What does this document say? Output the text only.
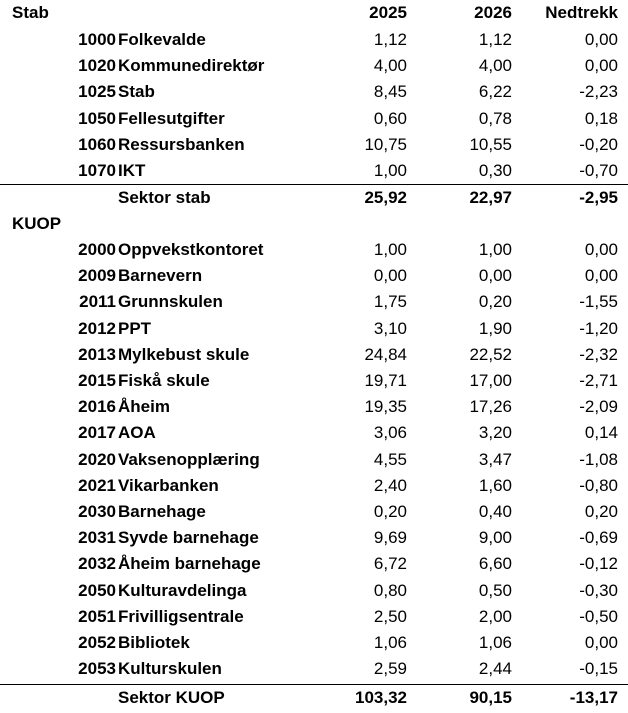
Stab	2025	2026	Nedtrekk
1000 Folkevalde	1,12	1,12	0,00
1020 Kommunedirektør	4,00	4,00	0,00
1025 Stab	8,45	6,22	-2,23
1050 Fellesutgifter	0,60	0,78	0,18
1060 Ressursbanken	10,75	10,55	-0,20
1070 IKT	1,00	0,30	-0,70
Sektor stab	25,92	22,97	-2,95
KUOP
2000 Oppvekstkontoret	1,00	1,00	0,00
2009 Barnevern	0,00	0,00	0,00
2011 Grunnskulen	1,75	0,20	-1,55
2012 PPT	3,10	1,90	-1,20
2013 Mylkebust skule	24,84	22,52	-2,32
2015 Fiskå skule	19,71	17,00	-2,71
2016 Åheim	19,35	17,26	-2,09
2017 AOA	3,06	3,20	0,14
2020 Vaksenopplæring	4,55	3,47	-1,08
2021 Vikarbanken	2,40	1,60	-0,80
2030 Barnehage	0,20	0,40	0,20
2031 Syvde barnehage	9,69	9,00	-0,69
2032 Åheim barnehage	6,72	6,60	-0,12
2050 Kulturavdelinga	0,80	0,50	-0,30
2051 Frivilligsentrale	2,50	2,00	-0,50
2052 Bibliotek	1,06	1,06	0,00
2053 Kulturskulen	2,59	2,44	-0,15
Sektor KUOP	103,32	90,15	-13,17
